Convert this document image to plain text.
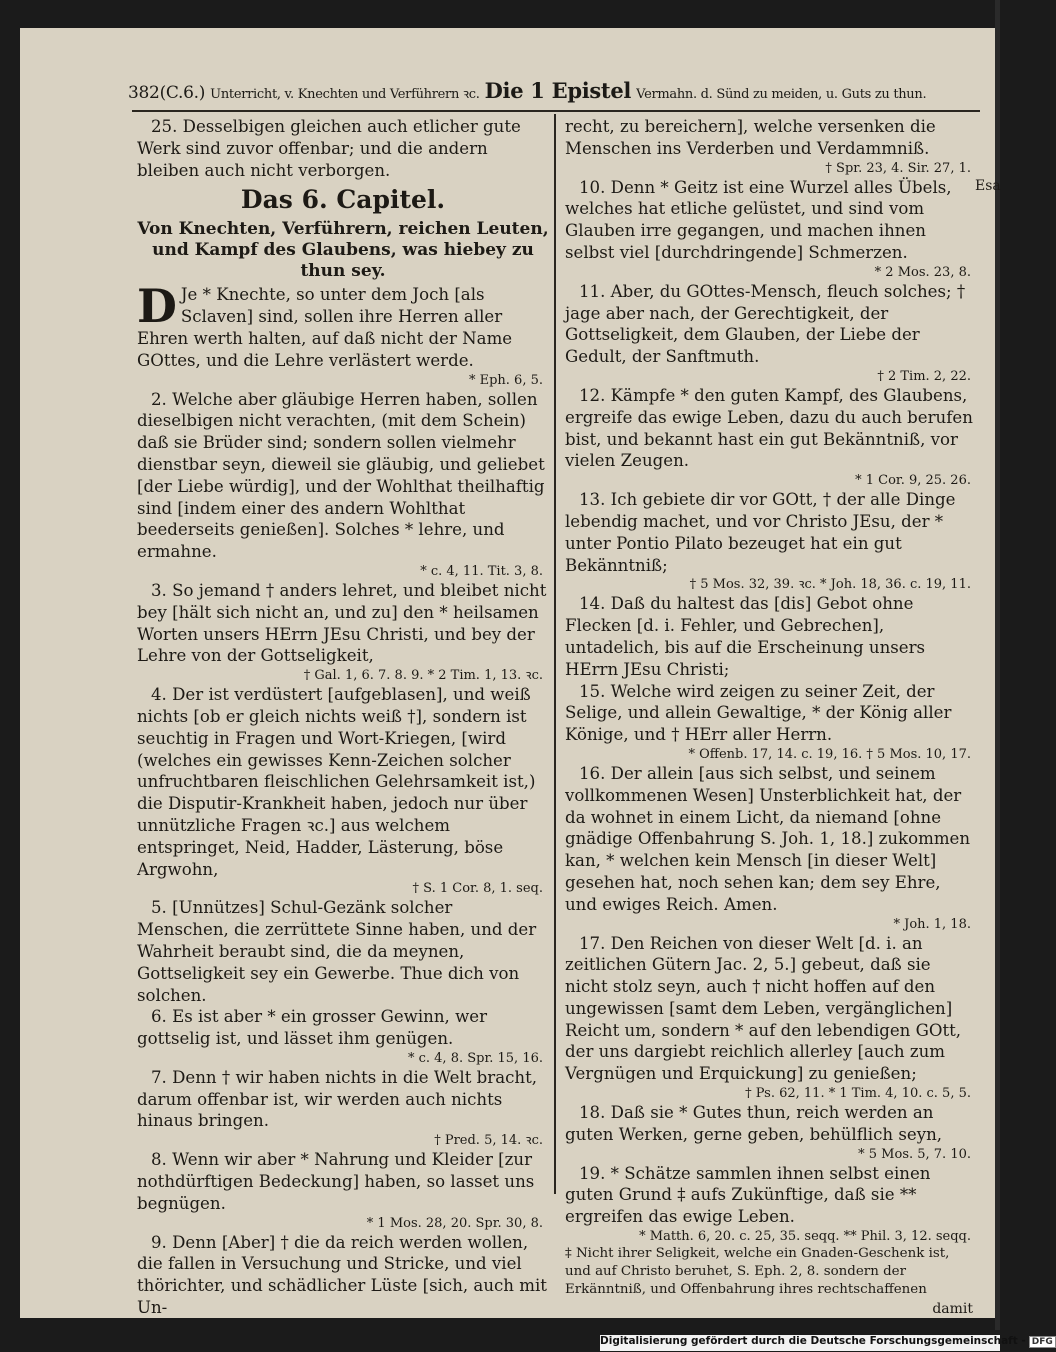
382(C.6.) Unterricht, v. Knechten und Verführern ꝛc. Die 1 Epistel Vermahn. d. Sünd zu meiden, u. Guts zu thun.

25. Desselbigen gleichen auch etlicher gute Werk sind zuvor offenbar; und die andern bleiben auch nicht verborgen.

Das 6. Capitel.
Von Knechten, Verführern, reichen Leuten, und Kampf des Glaubens, was hiebey zu thun sey.

D Je * Knechte, so unter dem Joch [als Sclaven] sind, sollen ihre Herren aller Ehren werth halten, auf daß nicht der Name GOttes, und die Lehre verlästert werde.

* Eph. 6, 5.

2. Welche aber gläubige Herren haben, sollen dieselbigen nicht verachten, (mit dem Schein) daß sie Brüder sind; sondern sollen vielmehr dienstbar seyn, dieweil sie gläubig, und geliebet [der Liebe würdig], und der Wohlthat theilhaftig sind [indem einer des andern Wohlthat beederseits genießen]. Solches * lehre, und ermahne.

* c. 4, 11. Tit. 3, 8.

3. So jemand † anders lehret, und bleibet nicht bey [hält sich nicht an, und zu] den * heilsamen Worten unsers HErrn JEsu Christi, und bey der Lehre von der Gottseligkeit,

† Gal. 1, 6. 7. 8. 9. * 2 Tim. 1, 13. ꝛc.

4. Der ist verdüstert [aufgeblasen], und weiß nichts [ob er gleich nichts weiß †], sondern ist seuchtig in Fragen und Wort-Kriegen, [wird (welches ein gewisses Kenn-Zeichen solcher unfruchtbaren fleischlichen Gelehrsamkeit ist,) die Disputir-Krankheit haben, jedoch nur über unnützliche Fragen ꝛc.] aus welchem entspringet, Neid, Hadder, Lästerung, böse Argwohn,

† S. 1 Cor. 8, 1. seq.

5. [Unnützes] Schul-Gezänk solcher Menschen, die zerrüttete Sinne haben, und der Wahrheit beraubt sind, die da meynen, Gottseligkeit sey ein Gewerbe. Thue dich von solchen.

6. Es ist aber * ein grosser Gewinn, wer gottselig ist, und lässet ihm genügen.

* c. 4, 8. Spr. 15, 16.

7. Denn † wir haben nichts in die Welt bracht, darum offenbar ist, wir werden auch nichts hinaus bringen.

† Pred. 5, 14. ꝛc.

8. Wenn wir aber * Nahrung und Kleider [zur nothdürftigen Bedeckung] haben, so lasset uns begnügen.

* 1 Mos. 28, 20. Spr. 30, 8.

9. Denn [Aber] † die da reich werden wollen, die fallen in Versuchung und Stricke, und viel thörichter, und schädlicher Lüste [sich, auch mit Un-

recht, zu bereichern], welche versenken die Menschen ins Verderben und Verdammniß.

† Spr. 23, 4. Sir. 27, 1.

10. Denn * Geitz ist eine Wurzel alles Übels, welches hat etliche gelüstet, und sind vom Glauben irre gegangen, und machen ihnen selbst viel [durchdringende] Schmerzen.

* 2 Mos. 23, 8.

11. Aber, du GOttes-Mensch, fleuch solches; † jage aber nach, der Gerechtigkeit, der Gottseligkeit, dem Glauben, der Liebe der Gedult, der Sanftmuth.

† 2 Tim. 2, 22.

12. Kämpfe * den guten Kampf, des Glaubens, ergreife das ewige Leben, dazu du auch berufen bist, und bekannt hast ein gut Bekänntniß, vor vielen Zeugen.

* 1 Cor. 9, 25. 26.

13. Ich gebiete dir vor GOtt, † der alle Dinge lebendig machet, und vor Christo JEsu, der * unter Pontio Pilato bezeuget hat ein gut Bekänntniß;

† 5 Mos. 32, 39. ꝛc. * Joh. 18, 36. c. 19, 11.

14. Daß du haltest das [dis] Gebot ohne Flecken [d. i. Fehler, und Gebrechen], untadelich, bis auf die Erscheinung unsers HErrn JEsu Christi;

15. Welche wird zeigen zu seiner Zeit, der Selige, und allein Gewaltige, * der König aller Könige, und † HErr aller Herrn.

* Offenb. 17, 14. c. 19, 16. † 5 Mos. 10, 17.

16. Der allein [aus sich selbst, und seinem vollkommenen Wesen] Unsterblichkeit hat, der da wohnet in einem Licht, da niemand [ohne gnädige Offenbahrung S. Joh. 1, 18.] zukommen kan, * welchen kein Mensch [in dieser Welt] gesehen hat, noch sehen kan; dem sey Ehre, und ewiges Reich. Amen.

* Joh. 1, 18.

17. Den Reichen von dieser Welt [d. i. an zeitlichen Gütern Jac. 2, 5.] gebeut, daß sie nicht stolz seyn, auch † nicht hoffen auf den ungewissen [samt dem Leben, vergänglichen] Reicht um, sondern * auf den lebendigen GOtt, der uns dargiebt reichlich allerley [auch zum Vergnügen und Erquickung] zu genießen;

† Ps. 62, 11. * 1 Tim. 4, 10. c. 5, 5.

18. Daß sie * Gutes thun, reich werden an guten Werken, gerne geben, behülflich seyn,

* 5 Mos. 5, 7. 10.

19. * Schätze sammlen ihnen selbst einen guten Grund ‡ aufs Zukünftige, daß sie ** ergreifen das ewige Leben.

* Matth. 6, 20. c. 25, 35. seqq. ** Phil. 3, 12. seqq.

‡ Nicht ihrer Seligkeit, welche ein Gnaden-Geschenk ist, und auf Christo beruhet, S. Eph. 2, 8. sondern der Erkänntniß, und Offenbahrung ihres rechtschaffenen

damit

Esa
Digitalisierung gefördert durch die Deutsche Forschungsgemeinschaft - DFG
